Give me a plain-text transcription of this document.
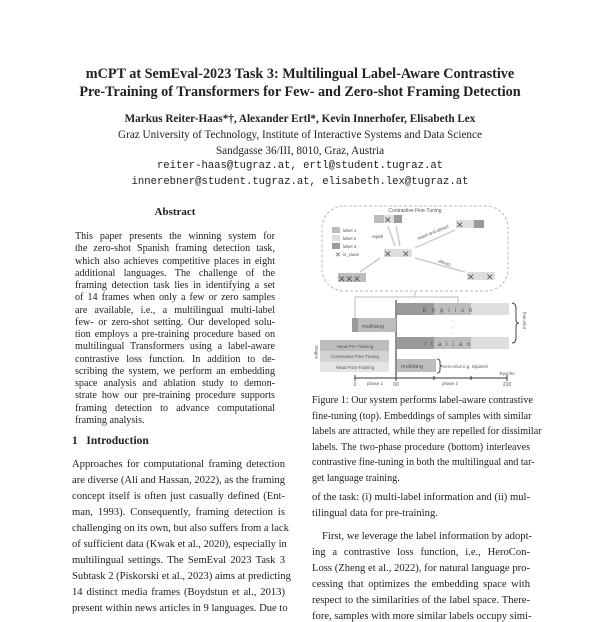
mCPT at SemEval-2023 Task 3: Multilingual Label-Aware Contrastive
Pre-Training of Transformers for Few- and Zero-shot Framing Detection
Markus Reiter-Haas*†, Alexander Ertl*, Kevin Innerhofer, Elisabeth Lex
Graz University of Technology, Institute of Interactive Systems and Data Science
Sandgasse 36/III, 8010, Graz, Austria
reiter-haas@tugraz.at, ertl@student.tugraz.at
innerebner@student.tugraz.at, elisabeth.lex@tugraz.at
Abstract
This paper presents the winning system for
the zero-shot Spanish framing detection task,
which also achieves competitive places in eight
additional languages. The challenge of the
framing detection task lies in identifying a set
of 14 frames when only a few or zero samples
are available, i.e., a multilingual multi-label
few- or zero-shot setting. Our developed solu-
tion employs a pre-training procedure based on
multilingual Transformers using a label-aware
contrastive loss function. In addition to de-
scribing the system, we perform an embedding
space analysis and ablation study to demon-
strate how our pre-training procedure supports
framing detection to advance computational
framing analysis.
1 Introduction
Approaches for computational framing detection
are diverse (Ali and Hassan, 2022), as the framing
concept itself is often just casually defined (Ent-
man, 1993). Consequently, framing detection is
challenging on its own, but also suffers from a lack
of sufficient data (Kwak et al., 2020), especially in
multilingual settings. The SemEval 2023 Task 3
Subtask 2 (Piskorski et al., 2023) aims at predicting
14 distinct media frames (Boydstun et al., 2013)
present within news articles in 9 languages. Due to
Contrastive Fine-Tuning
✕
label 1
label 2
label 3
is_class
✕
✕ ✕
✕
✕✕✕	✕ ✕
repell	repell and attract
attract
English
multilang
·
·
·
Italian
few-shot
multilang	zero-shot e.g. Spanish
Head Pre-Training
Contrastive Fine-Tuning
Head Post-Training
Stages
0	60	210
phase 1	phase 2
Epochs
Figure 1: Our system performs label-aware contrastive
fine-tuning (top). Embeddings of samples with similar
labels are attracted, while they are repelled for dissimilar
labels. The two-phase procedure (bottom) interleaves
contrastive fine-tuning in both the multilingual and tar-
get language training.
of the task: (i) multi-label information and (ii) mul-
tilingual data for pre-training.
First, we leverage the label information by adopt-
ing a contrastive loss function, i.e., HeroCon-
Loss (Zheng et al., 2022), for natural language pro-
cessing that optimizes the embedding space with
respect to the similarities of the label space. There-
fore, samples with more similar labels occupy simi-
